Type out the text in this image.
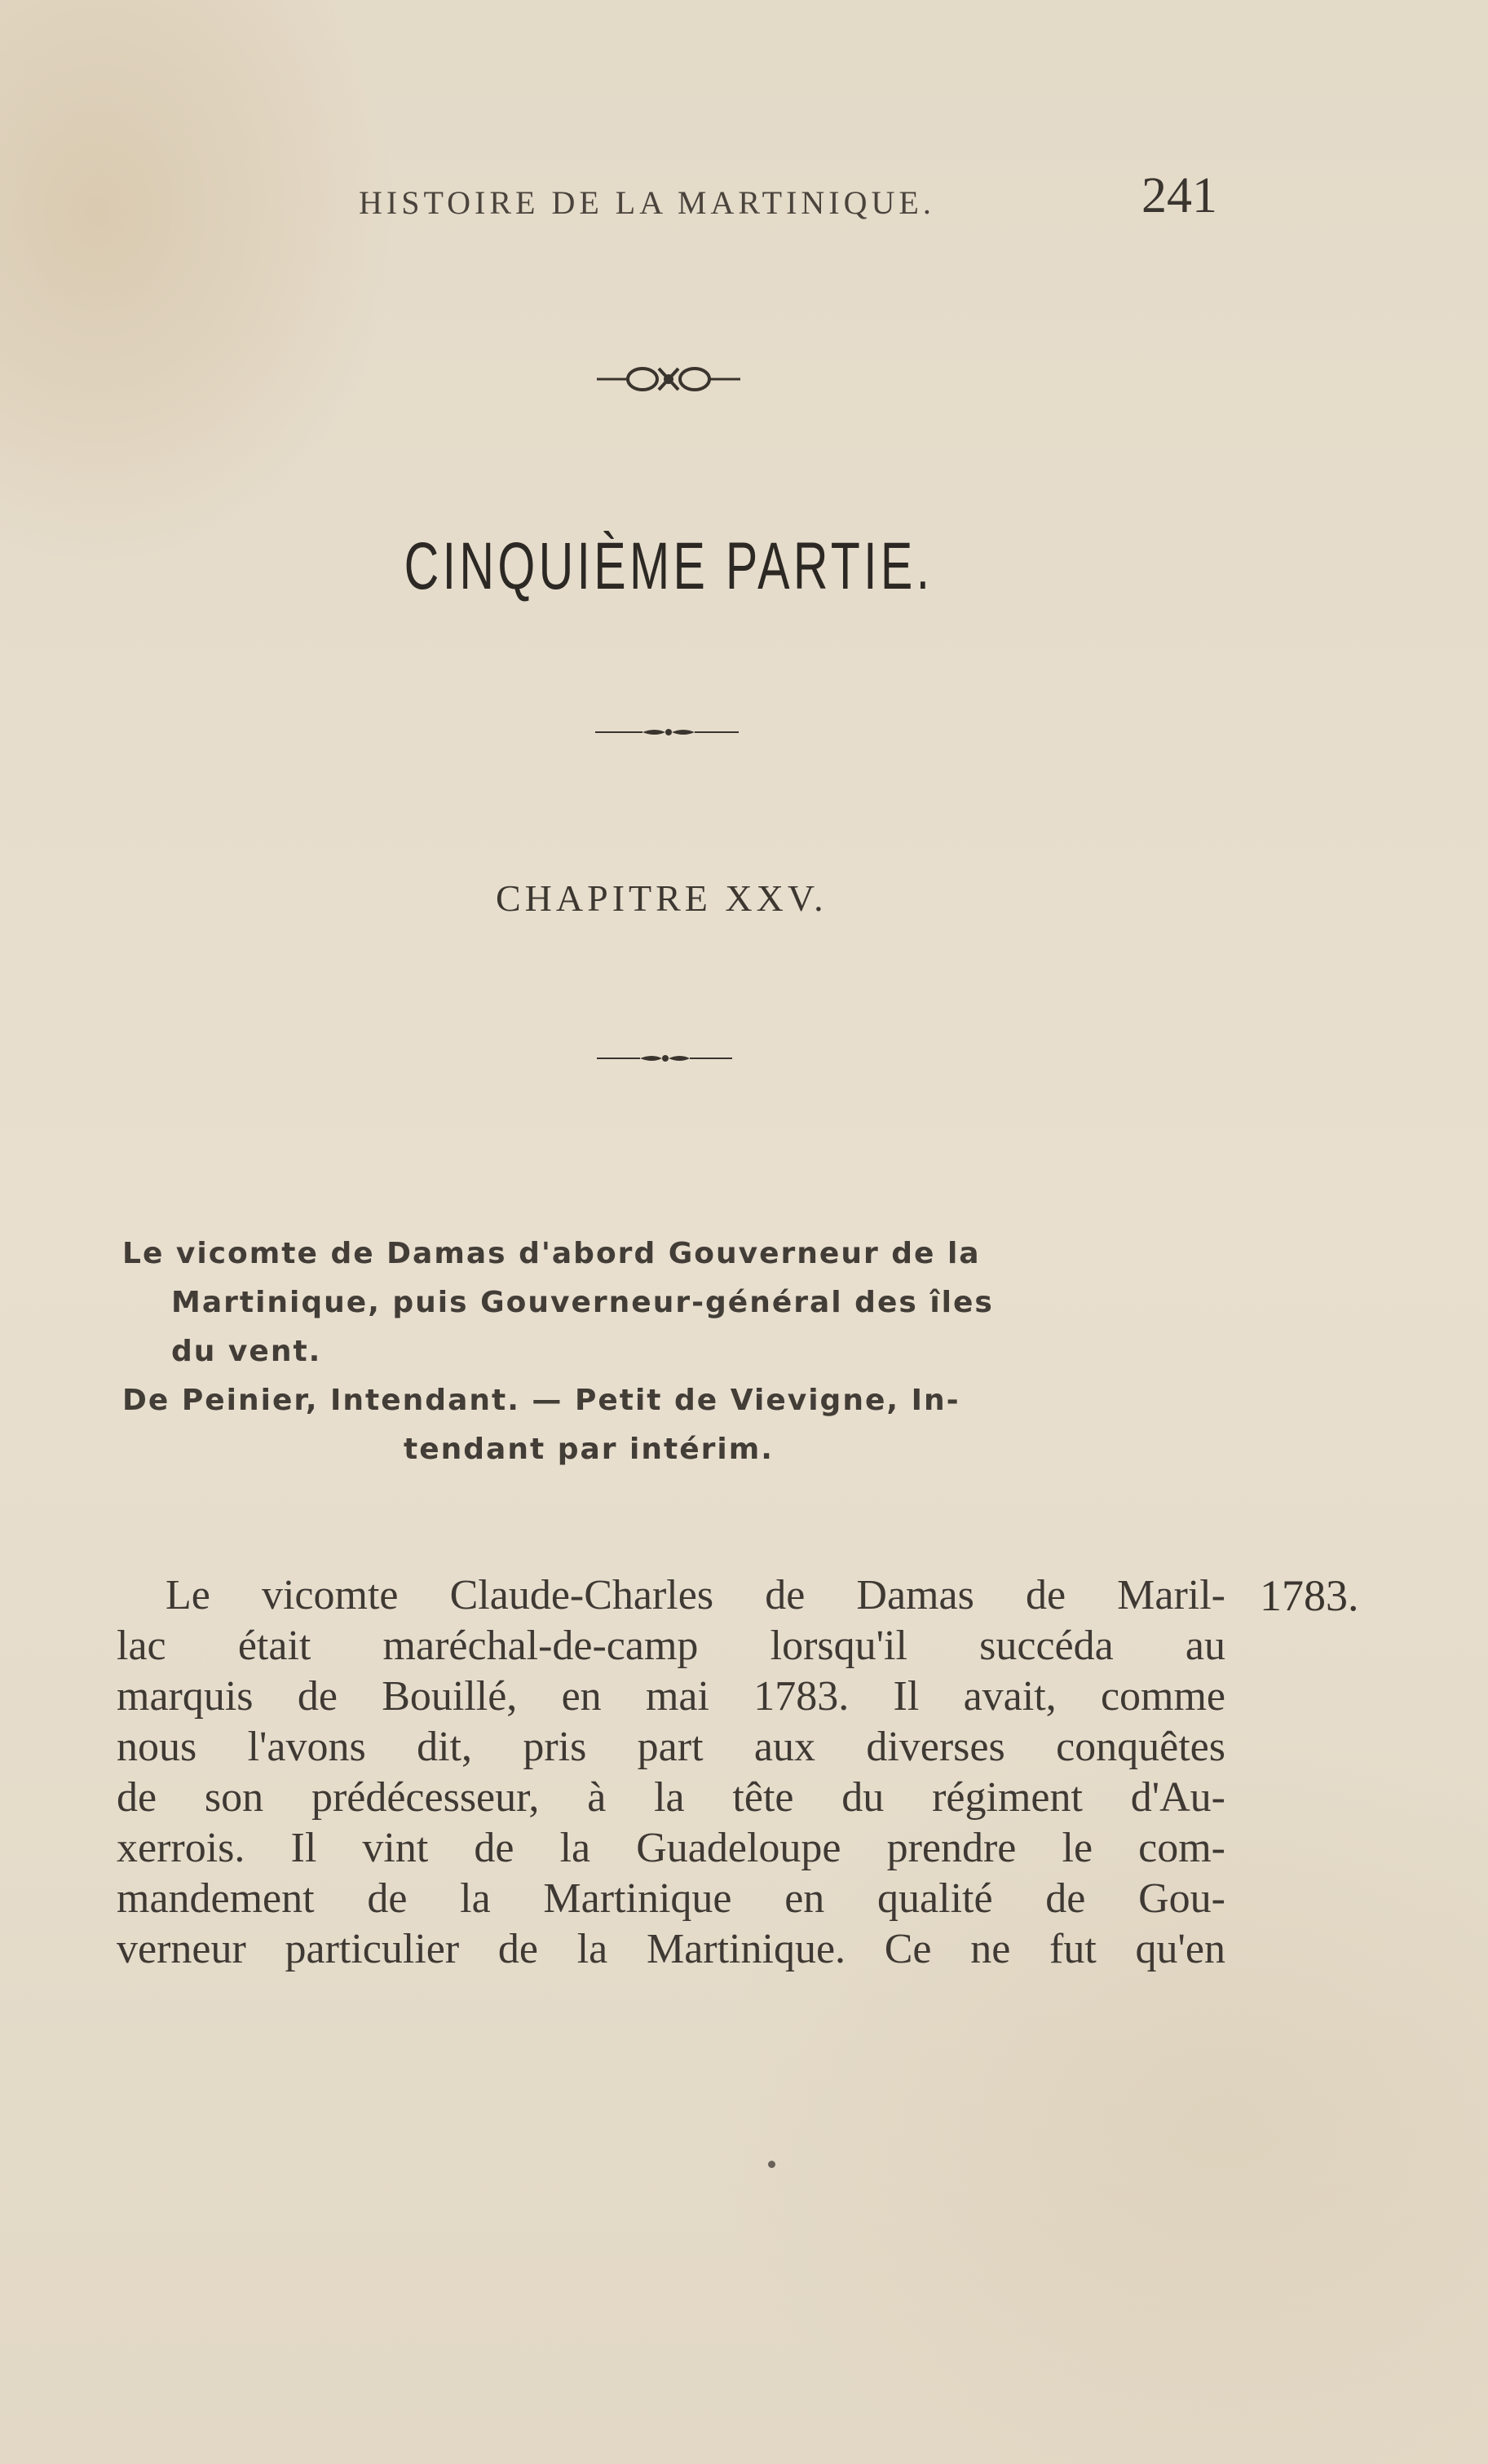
HISTOIRE DE LA MARTINIQUE.	241
CINQUIÈME PARTIE.
CHAPITRE XXV.
Le vicomte de Damas d'abord Gouverneur de la
Martinique, puis Gouverneur-général des îles
du vent.
De Peinier, Intendant. — Petit de Vievigne, In-
tendant par intérim.
1783.
Le vicomte Claude-Charles de Damas de Maril-
lac était maréchal-de-camp lorsqu'il succéda au
marquis de Bouillé, en mai 1783. Il avait, comme
nous l'avons dit, pris part aux diverses conquêtes
de son prédécesseur, à la tête du régiment d'Au-
xerrois. Il vint de la Guadeloupe prendre le com-
mandement de la Martinique en qualité de Gou-
verneur particulier de la Martinique. Ce ne fut qu'en
